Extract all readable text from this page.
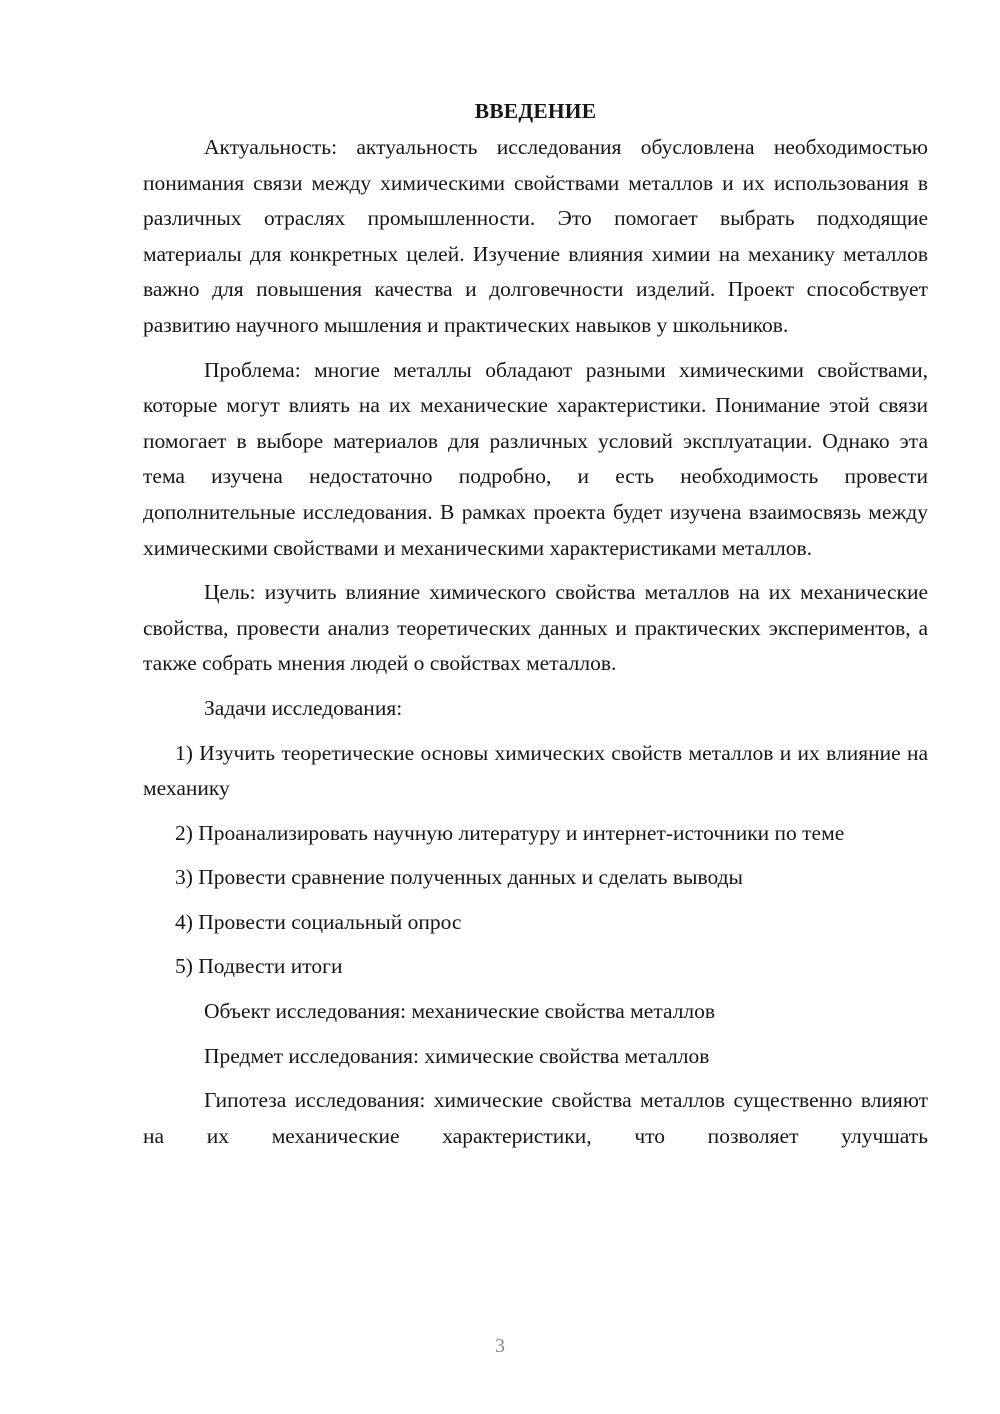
ВВЕДЕНИЕ

Актуальность: актуальность исследования обусловлена необходимостью понимания связи между химическими свойствами металлов и их использования в различных отраслях промышленности. Это помогает выбрать подходящие материалы для конкретных целей. Изучение влияния химии на механику металлов важно для повышения качества и долговечности изделий. Проект способствует развитию научного мышления и практических навыков у школьников.

Проблема: многие металлы обладают разными химическими свойствами, которые могут влиять на их механические характеристики. Понимание этой связи помогает в выборе материалов для различных условий эксплуатации. Однако эта тема изучена недостаточно подробно, и есть необходимость провести дополнительные исследования. В рамках проекта будет изучена взаимосвязь между химическими свойствами и механическими характеристиками металлов.

Цель: изучить влияние химического свойства металлов на их механические свойства, провести анализ теоретических данных и практических экспериментов, а также собрать мнения людей о свойствах металлов.

Задачи исследования:

1) Изучить теоретические основы химических свойств металлов и их влияние на механику

2) Проанализировать научную литературу и интернет-источники по теме

3) Провести сравнение полученных данных и сделать выводы

4) Провести социальный опрос

5) Подвести итоги

Объект исследования: механические свойства металлов

Предмет исследования: химические свойства металлов

Гипотеза исследования: химические свойства металлов существенно влияют на их механические характеристики, что позволяет улучшать

3
